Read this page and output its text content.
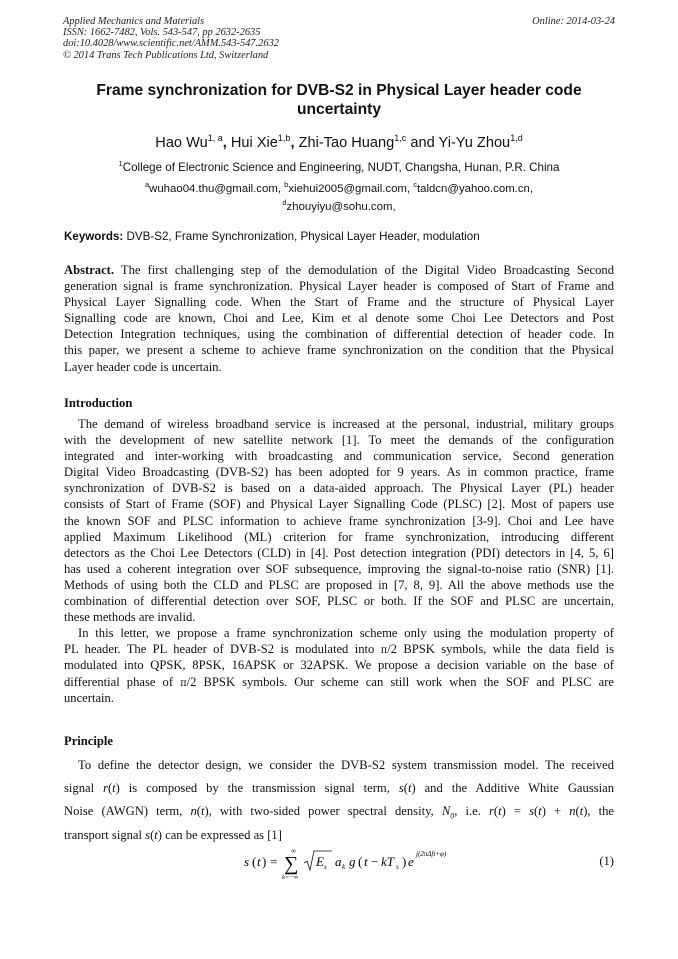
Applied Mechanics and Materials
ISSN: 1662-7482, Vols. 543-547, pp 2632-2635
doi:10.4028/www.scientific.net/AMM.543-547.2632
© 2014 Trans Tech Publications Ltd, Switzerland
Online: 2014-03-24
Frame synchronization for DVB-S2 in Physical Layer header code
uncertainty
Hao Wu$^{1, a}$, Hui Xie$^{1,b}$, Zhi-Tao Huang$^{1,c}$ and Yi-Yu Zhou$^{1,d}$
$^1$College of Electronic Science and Engineering, NUDT, Changsha, Hunan, P.R. China
$^a$wuhao04.thu@gmail.com, $^b$xiehui2005@gmail.com, $^c$taldcn@yahoo.com.cn,
$^d$zhouyiyu@sohu.com,
Keywords: DVB-S2, Frame Synchronization, Physical Layer Header, modulation
Abstract. The first challenging step of the demodulation of the Digital Video Broadcasting Second
generation signal is frame synchronization. Physical Layer header is composed of Start of Frame and
Physical Layer Signalling code. When the Start of Frame and the structure of Physical Layer
Signalling code are known, Choi and Lee, Kim et al denote some Choi Lee Detectors and Post
Detection Integration techniques, using the combination of differential detection of header code. In
this paper, we present a scheme to achieve frame synchronization on the condition that the Physical
Layer header code is uncertain.
Introduction
The demand of wireless broadband service is increased at the personal, industrial, military groups
with the development of new satellite network [1]. To meet the demands of the configuration
integrated and inter-working with broadcasting and communication service, Second generation
Digital Video Broadcasting (DVB-S2) has been adopted for 9 years. As in common practice, frame
synchronization of DVB-S2 is based on a data-aided approach. The Physical Layer (PL) header
consists of Start of Frame (SOF) and Physical Layer Signalling Code (PLSC) [2]. Most of papers use
the known SOF and PLSC information to achieve frame synchronization [3-9]. Choi and Lee have
applied Maximum Likelihood (ML) criterion for frame synchronization, introducing different
detectors as the Choi Lee Detectors (CLD) in [4]. Post detection integration (PDI) detectors in [4, 5, 6]
has used a coherent integration over SOF subsequence, improving the signal-to-noise ratio (SNR) [1].
Methods of using both the CLD and PLSC are proposed in [7, 8, 9]. All the above methods use the
combination of differential detection over SOF, PLSC or both. If the SOF and PLSC are uncertain,
these methods are invalid.
In this letter, we propose a frame synchronization scheme only using the modulation property of
PL header. The PL header of DVB-S2 is modulated into π/2 BPSK symbols, while the data field is
modulated into QPSK, 8PSK, 16APSK or 32APSK. We propose a decision variable on the base of
differential phase of π/2 BPSK symbols. Our scheme can still work when the SOF and PLSC are
uncertain.
Principle
To define the detector design, we consider the DVB-S2 system transmission model. The received
signal r(t) is composed by the transmission signal term, s(t) and the Additive White Gaussian
Noise (AWGN) term, n(t), with two-sided power spectral density, $N_0$, i.e. r(t) = s(t) + n(t), the
transport signal s(t) can be expressed as [1]
s ( t ) =
∞
∑
k=−∞
E s a k g ( t − kT s ) e j(2πΔft+φ)	(1)
